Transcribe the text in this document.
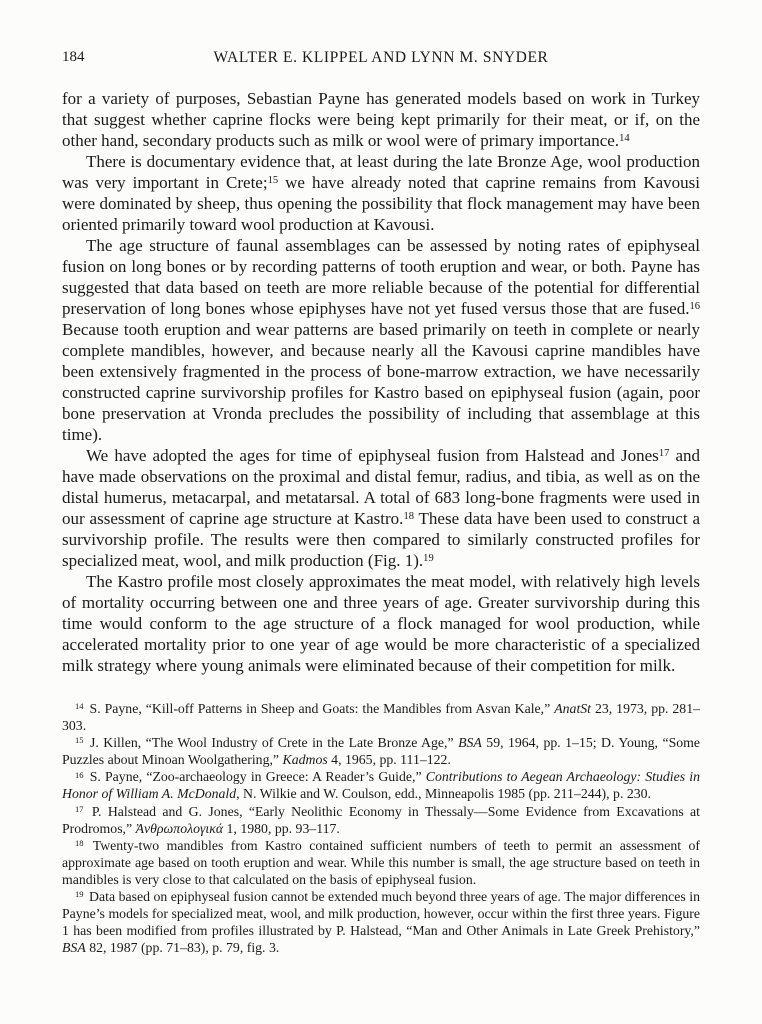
184	WALTER E. KLIPPEL AND LYNN M. SNYDER

for a variety of purposes, Sebastian Payne has generated models based on work in Turkey that suggest whether caprine flocks were being kept primarily for their meat, or if, on the other hand, secondary products such as milk or wool were of primary importance.$^{14}$

There is documentary evidence that, at least during the late Bronze Age, wool production was very important in Crete;$^{15}$ we have already noted that caprine remains from Kavousi were dominated by sheep, thus opening the possibility that flock management may have been oriented primarily toward wool production at Kavousi.

The age structure of faunal assemblages can be assessed by noting rates of epiphyseal fusion on long bones or by recording patterns of tooth eruption and wear, or both. Payne has suggested that data based on teeth are more reliable because of the potential for differential preservation of long bones whose epiphyses have not yet fused versus those that are fused.$^{16}$ Because tooth eruption and wear patterns are based primarily on teeth in complete or nearly complete mandibles, however, and because nearly all the Kavousi caprine mandibles have been extensively fragmented in the process of bone-marrow extraction, we have necessarily constructed caprine survivorship profiles for Kastro based on epiphyseal fusion (again, poor bone preservation at Vronda precludes the possibility of including that assemblage at this time).

We have adopted the ages for time of epiphyseal fusion from Halstead and Jones$^{17}$ and have made observations on the proximal and distal femur, radius, and tibia, as well as on the distal humerus, metacarpal, and metatarsal. A total of 683 long-bone fragments were used in our assessment of caprine age structure at Kastro.$^{18}$ These data have been used to construct a survivorship profile. The results were then compared to similarly constructed profiles for specialized meat, wool, and milk production (Fig. 1).$^{19}$

The Kastro profile most closely approximates the meat model, with relatively high levels of mortality occurring between one and three years of age. Greater survivorship during this time would conform to the age structure of a flock managed for wool production, while accelerated mortality prior to one year of age would be more characteristic of a specialized milk strategy where young animals were eliminated because of their competition for milk.

$^{14}$ S. Payne, “Kill-off Patterns in Sheep and Goats: the Mandibles from Asvan Kale,” AnatSt 23, 1973, pp. 281–303.

$^{15}$ J. Killen, “The Wool Industry of Crete in the Late Bronze Age,” BSA 59, 1964, pp. 1–15; D. Young, “Some Puzzles about Minoan Woolgathering,” Kadmos 4, 1965, pp. 111–122.

$^{16}$ S. Payne, “Zoo-archaeology in Greece: A Reader’s Guide,” Contributions to Aegean Archaeology: Studies in Honor of William A. McDonald, N. Wilkie and W. Coulson, edd., Minneapolis 1985 (pp. 211–244), p. 230.

$^{17}$ P. Halstead and G. Jones, “Early Neolithic Economy in Thessaly—Some Evidence from Excavations at Prodromos,” Ἀνθρωπολογικά 1, 1980, pp. 93–117.

$^{18}$ Twenty-two mandibles from Kastro contained sufficient numbers of teeth to permit an assessment of approximate age based on tooth eruption and wear. While this number is small, the age structure based on teeth in mandibles is very close to that calculated on the basis of epiphyseal fusion.

$^{19}$ Data based on epiphyseal fusion cannot be extended much beyond three years of age. The major differences in Payne’s models for specialized meat, wool, and milk production, however, occur within the first three years. Figure 1 has been modified from profiles illustrated by P. Halstead, “Man and Other Animals in Late Greek Prehistory,” BSA 82, 1987 (pp. 71–83), p. 79, fig. 3.
